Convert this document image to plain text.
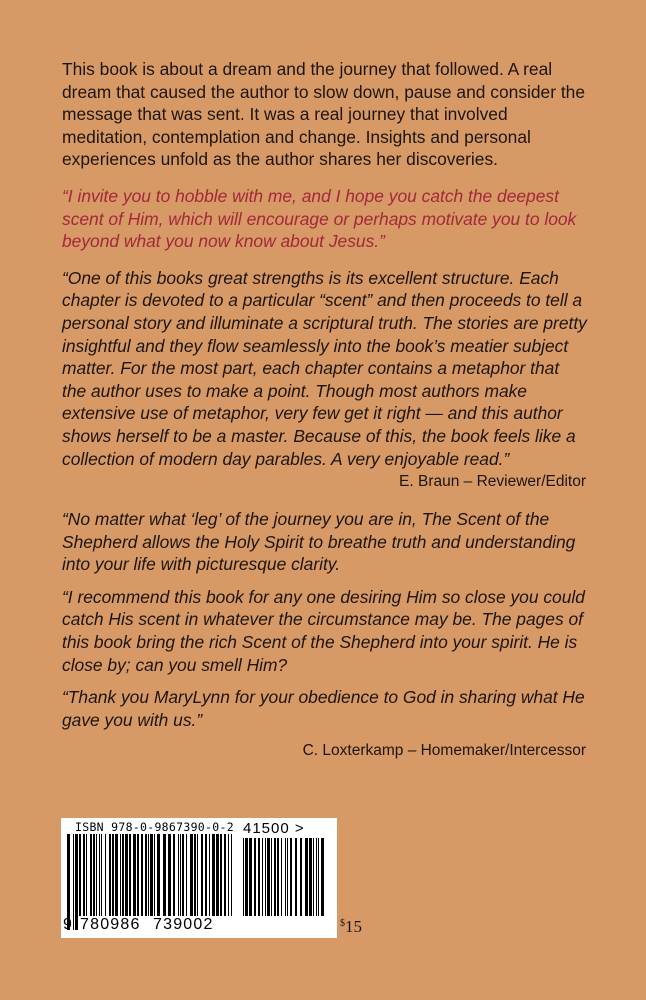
This book is about a dream and the journey that followed. A real dream that caused the author to slow down, pause and consider the message that was sent. It was a real journey that involved meditation, contemplation and change. Insights and personal experiences unfold as the author shares her discoveries.

“I invite you to hobble with me, and I hope you catch the deepest scent of Him, which will encourage or perhaps motivate you to look beyond what you now know about Jesus.”

“One of this books great strengths is its excellent structure. Each chapter is devoted to a particular “scent” and then proceeds to tell a personal story and illuminate a scriptural truth. The stories are pretty insightful and they flow seamlessly into the book’s meatier subject matter. For the most part, each chapter contains a metaphor that the author uses to make a point. Though most authors make extensive use of metaphor, very few get it right — and this author shows herself to be a master. Because of this, the book feels like a collection of modern day parables. A very enjoyable read.”

E. Braun – Reviewer/Editor

“No matter what ‘leg’ of the journey you are in, The Scent of the Shepherd allows the Holy Spirit to breathe truth and understanding into your life with picturesque clarity.

“I recommend this book for any one desiring Him so close you could catch His scent in whatever the circumstance may be. The pages of this book bring the rich Scent of the Shepherd into your spirit. He is close by; can you smell Him?

“Thank you MaryLynn for your obedience to God in sharing what He gave you with us.”

C. Loxterkamp – Homemaker/Intercessor
ISBN 978-0-9867390-0-2 41500 >
9 780986 739002	$15
